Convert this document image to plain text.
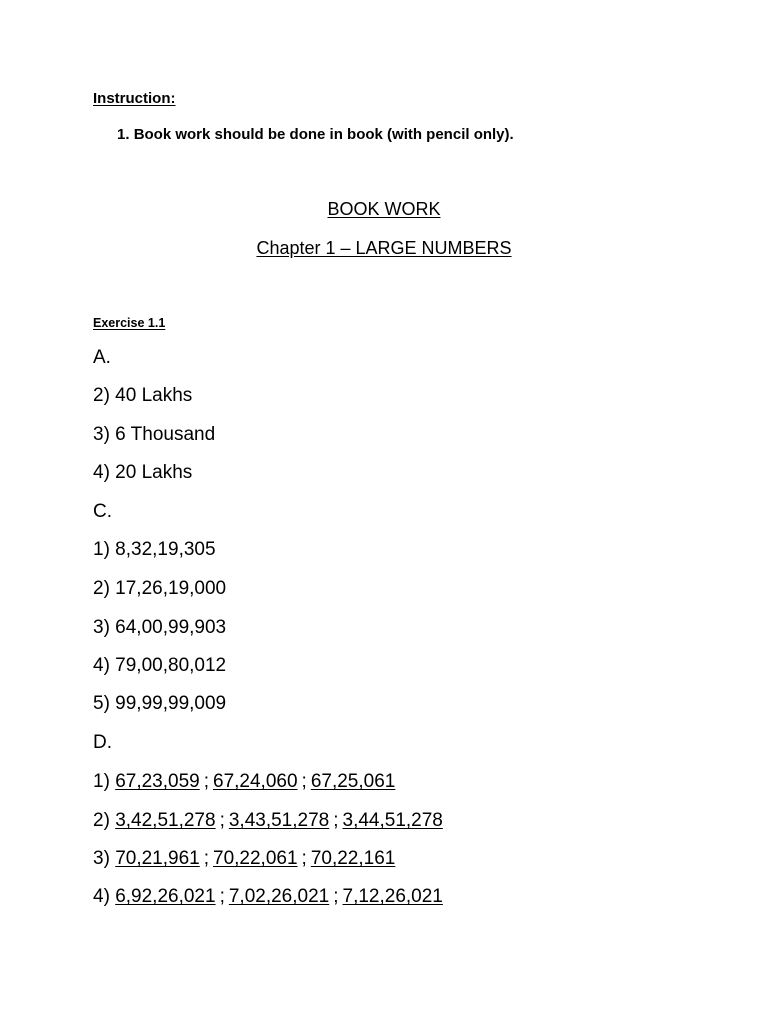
Instruction:
1. Book work should be done in book (with pencil only).
BOOK WORK
Chapter 1 – LARGE NUMBERS
Exercise 1.1
A.
2) 40 Lakhs
3) 6 Thousand
4) 20 Lakhs
C.
1) 8,32,19,305
2) 17,26,19,000
3) 64,00,99,903
4) 79,00,80,012
5) 99,99,99,009
D.
1) 67,23,059 ; 67,24,060 ; 67,25,061
2) 3,42,51,278 ; 3,43,51,278 ; 3,44,51,278
3) 70,21,961 ; 70,22,061 ; 70,22,161
4) 6,92,26,021 ; 7,02,26,021 ; 7,12,26,021
